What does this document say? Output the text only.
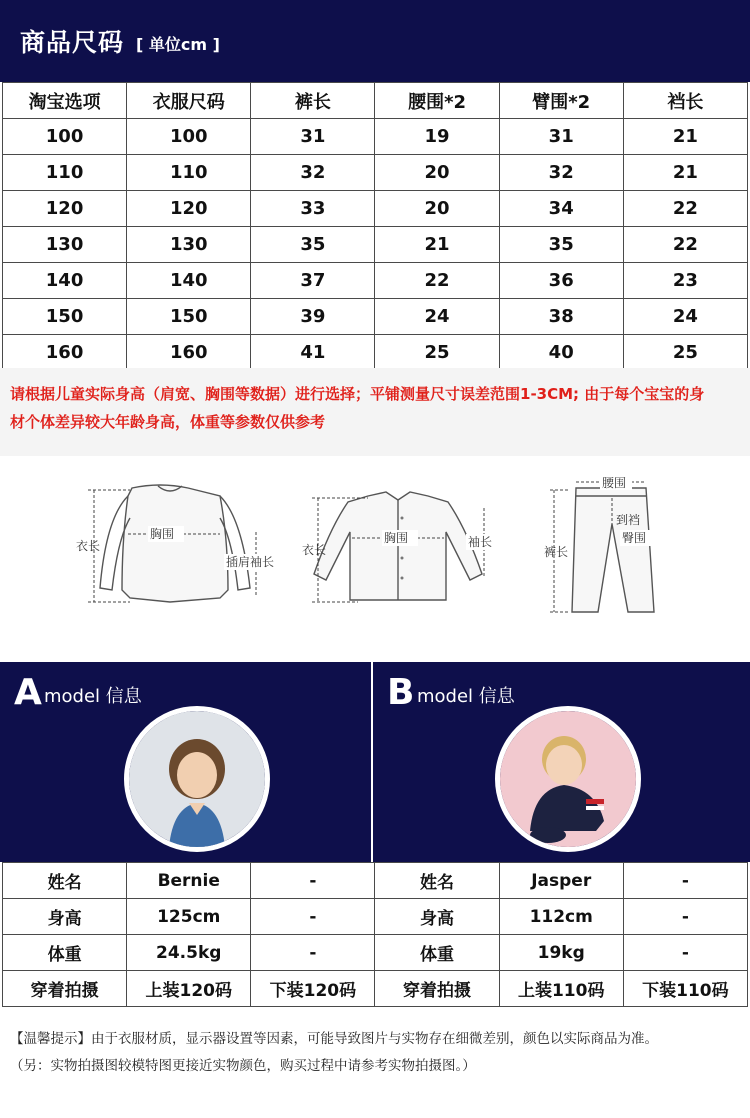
商品尺码 [ 单位cm ]
淘宝选项	衣服尺码	裤长	腰围*2	臂围*2	裆长
100	100	31	19	31	21
110	110	32	20	32	21
120	120	33	20	34	22
130	130	35	21	35	22
140	140	37	22	36	23
150	150	39	24	38	24
160	160	41	25	40	25
请根据儿童实际身高（肩宽、胸围等数据）进行选择；平铺测量尺寸误差范围1-3CM; 由于每个宝宝的身
材个体差异较大年龄身高，体重等参数仅供参考
衣长
胸围
插肩袖长
衣长
胸围	袖长
腰围
裤长
到裆
臀围
A model 信息	B model 信息
姓名	Bernie	-	姓名	Jasper	-
身高	125cm	-	身高	112cm	-
体重	24.5kg	-	体重	19kg	-
穿着拍摄	上装120码	下装120码	穿着拍摄	上装110码	下装110码
【温馨提示】由于衣服材质，显示器设置等因素，可能导致图片与实物存在细微差别，颜色以实际商品为准。
（另：实物拍摄图较模特图更接近实物颜色，购买过程中请参考实物拍摄图。）
